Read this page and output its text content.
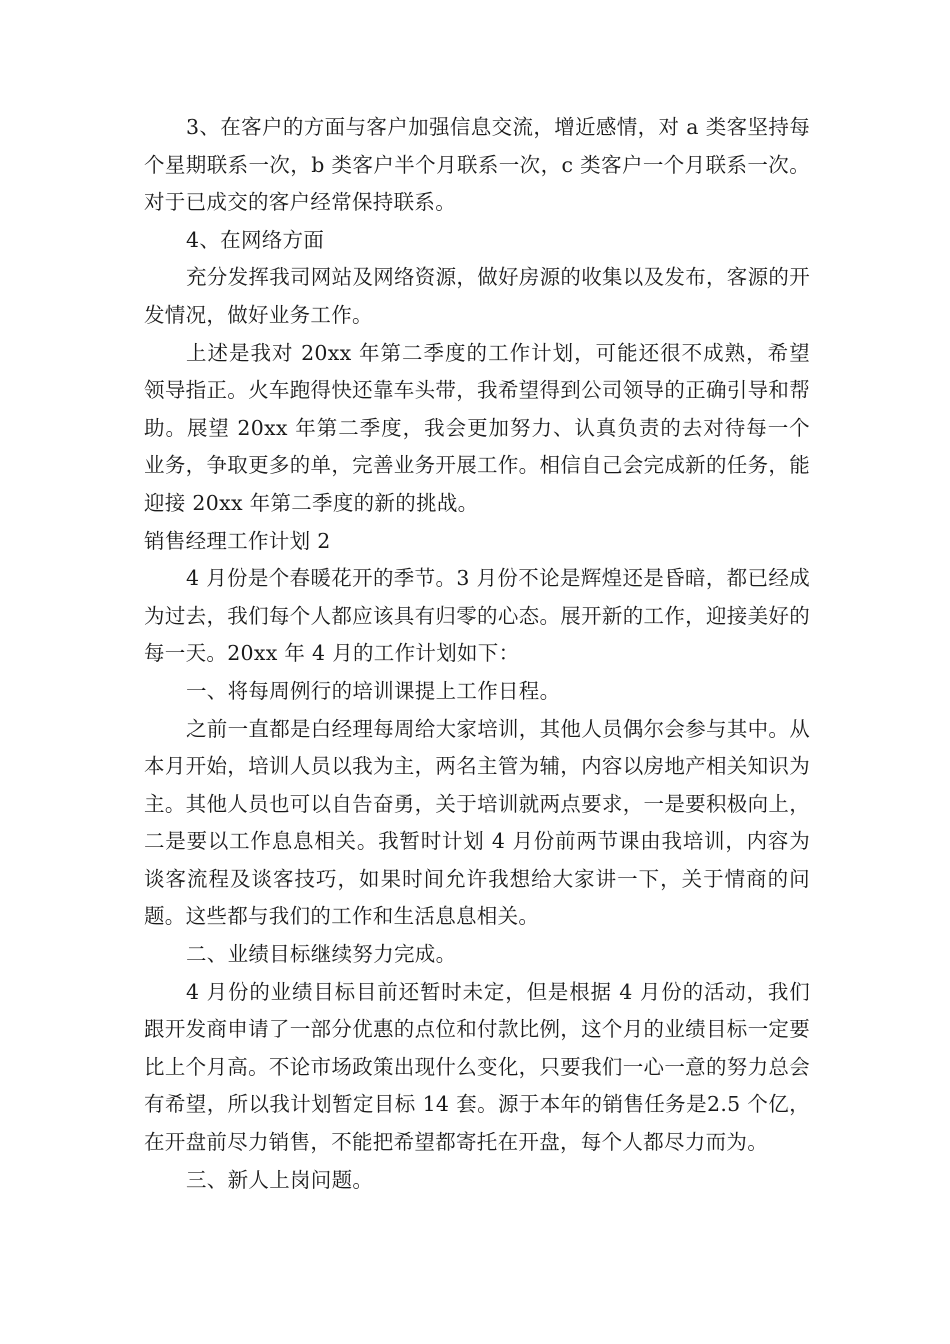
3、在客户的方面与客户加强信息交流，增近感情，对 a 类客坚持每个星期联系一次，b 类客户半个月联系一次，c 类客户一个月联系一次。对于已成交的客户经常保持联系。

4、在网络方面

充分发挥我司网站及网络资源，做好房源的收集以及发布，客源的开发情况，做好业务工作。

上述是我对 20xx 年第二季度的工作计划，可能还很不成熟，希望领导指正。火车跑得快还靠车头带，我希望得到公司领导的正确引导和帮助。展望 20xx 年第二季度，我会更加努力、认真负责的去对待每一个业务，争取更多的单，完善业务开展工作。相信自己会完成新的任务，能迎接 20xx 年第二季度的新的挑战。

销售经理工作计划 2

4 月份是个春暖花开的季节。3 月份不论是辉煌还是昏暗，都已经成为过去，我们每个人都应该具有归零的心态。展开新的工作，迎接美好的每一天。20xx 年 4 月的工作计划如下：

一、将每周例行的培训课提上工作日程。

之前一直都是白经理每周给大家培训，其他人员偶尔会参与其中。从本月开始，培训人员以我为主，两名主管为辅，内容以房地产相关知识为主。其他人员也可以自告奋勇，关于培训就两点要求，一是要积极向上，二是要以工作息息相关。我暂时计划 4 月份前两节课由我培训，内容为谈客流程及谈客技巧，如果时间允许我想给大家讲一下，关于情商的问题。这些都与我们的工作和生活息息相关。

二、业绩目标继续努力完成。

4 月份的业绩目标目前还暂时未定，但是根据 4 月份的活动，我们跟开发商申请了一部分优惠的点位和付款比例，这个月的业绩目标一定要比上个月高。不论市场政策出现什么变化，只要我们一心一意的努力总会有希望，所以我计划暂定目标 14 套。源于本年的销售任务是2.5 个亿，在开盘前尽力销售，不能把希望都寄托在开盘，每个人都尽力而为。

三、新人上岗问题。
